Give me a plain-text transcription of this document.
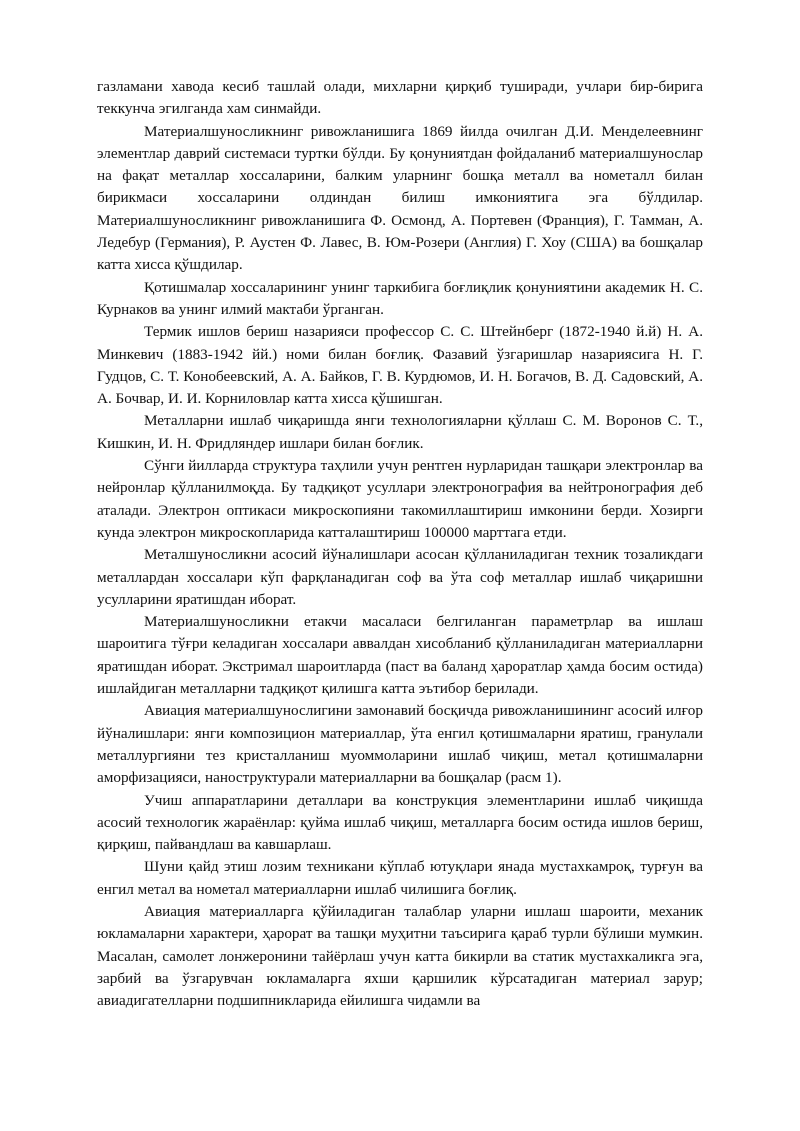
газламани хавода кесиб ташлай олади, михларни қирқиб туширади, учлари бир-бирига теккунча эгилганда хам синмайди.

Материалшуносликнинг ривожланишига 1869 йилда очилган Д.И. Менделеевнинг элементлар даврий системаси туртки бўлди. Бу қонуниятдан фойдаланиб материалшунослар на фақат металлар хоссаларини, балким уларнинг бошқа металл ва нометалл билан бирикмаси хоссаларини олдиндан билиш имкониятига эга бўлдилар. Материалшуносликнинг ривожланишига Ф. Осмонд, А. Портевен (Франция), Г. Тамман, А. Ледебур (Германия), Р. Аустен Ф. Лавес, В. Юм-Розери (Англия) Г. Хоу (США) ва бошқалар катта хисса қўшдилар.

Қотишмалар хоссаларининг унинг таркибига боғлиқлик қонуниятини академик Н. С. Курнаков ва унинг илмий мактаби ўрганган.

Термик ишлов бериш назарияси профессор С. С. Штейнберг (1872-1940 й.й) Н. А. Минкевич (1883-1942 йй.) номи билан боғлиқ. Фазавий ўзгаришлар назариясига Н. Г. Гудцов, С. Т. Конобеевский, А. А. Байков, Г. В. Курдюмов, И. Н. Богачов, В. Д. Садовский, А. А. Бочвар, И. И. Корниловлар катта хисса қўшишган.

Металларни ишлаб чиқаришда янги технологияларни қўллаш С. М. Воронов С. Т., Кишкин, И. Н. Фридляндер ишлари билан боғлик.

Сўнги йилларда структура таҳлили учун рентген нурларидан ташқари электронлар ва нейронлар қўлланилмоқда. Бу тадқиқот усуллари электронография ва нейтронография деб аталади. Электрон оптикаси микроскопияни такомиллаштириш имконини берди. Хозирги кунда электрон микроскопларида катталаштириш 100000 марттага етди.

Металшуносликни асосий йўналишлари асосан қўлланиладиган техник тозаликдаги металлардан хоссалари кўп фарқланадиган соф ва ўта соф металлар ишлаб чиқаришни усулларини яратишдан иборат.

Материалшуносликни етакчи масаласи белгиланган параметрлар ва ишлаш шароитига тўғри келадиган хоссалари аввалдан хисобланиб қўлланиладиган материалларни яратишдан иборат. Экстримал шароитларда (паст ва баланд ҳароратлар ҳамда босим остида) ишлайдиган металларни тадқиқот қилишга катта эътибор берилади.

Авиация материалшунослигини замонавий босқичда ривожланишининг асосий илғор йўналишлари: янги композицион материаллар, ўта енгил қотишмаларни яратиш, гранулали металлургияни тез кристалланиш муоммоларини ишлаб чиқиш, метал қотишмаларни аморфизацияси, наноструктурали материалларни ва бошқалар (расм 1).

Учиш аппаратларини деталлари ва конструкция элементларини ишлаб чиқишда асосий технологик жараёнлар: қуйма ишлаб чиқиш, металларга босим остида ишлов бериш, қирқиш, пайвандлаш ва кавшарлаш.

Шуни қайд этиш лозим техникани кўплаб ютуқлари янада мустахкамроқ, турғун ва енгил метал ва нометал материалларни ишлаб чилишига боғлиқ.

Авиация материалларга қўйиладиган талаблар уларни ишлаш шароити, механик юкламаларни характери, ҳарорат ва ташқи муҳитни таъсирига қараб турли бўлиши мумкин. Масалан, самолет лонжеронини тайёрлаш учун катта бикирли ва статик мустахкаликга эга, зарбий ва ўзгарувчан юкламаларга яхши қаршилик кўрсатадиган материал зарур; авиадигателларни подшипникларида ейилишга чидамли ва
